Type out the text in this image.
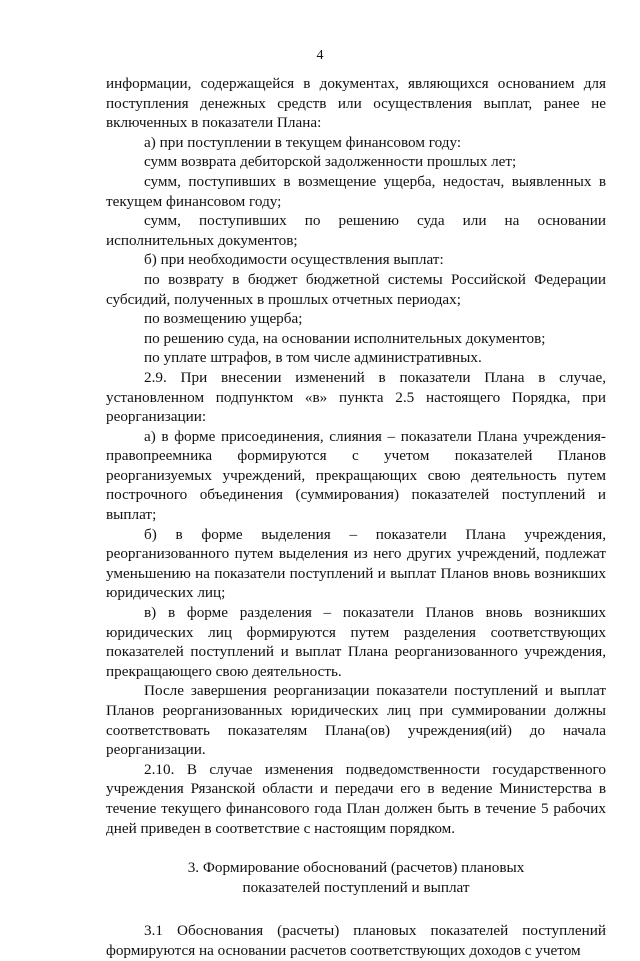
4

информации, содержащейся в документах, являющихся основанием для поступления денежных средств или осуществления выплат, ранее не включенных в показатели Плана:

а) при поступлении в текущем финансовом году:

сумм возврата дебиторской задолженности прошлых лет;

сумм, поступивших в возмещение ущерба, недостач, выявленных в текущем финансовом году;

сумм, поступивших по решению суда или на основании исполнительных документов;

б) при необходимости осуществления выплат:

по возврату в бюджет бюджетной системы Российской Федерации субсидий, полученных в прошлых отчетных периодах;

по возмещению ущерба;

по решению суда, на основании исполнительных документов;

по уплате штрафов, в том числе административных.

2.9. При внесении изменений в показатели Плана в случае, установленном подпунктом «в» пункта 2.5 настоящего Порядка, при реорганизации:

а) в форме присоединения, слияния – показатели Плана учреждения-правопреемника формируются с учетом показателей Планов реорганизуемых учреждений, прекращающих свою деятельность путем построчного объединения (суммирования) показателей поступлений и выплат;

б) в форме выделения – показатели Плана учреждения, реорганизованного путем выделения из него других учреждений, подлежат уменьшению на показатели поступлений и выплат Планов вновь возникших юридических лиц;

в) в форме разделения – показатели Планов вновь возникших юридических лиц формируются путем разделения соответствующих показателей поступлений и выплат Плана реорганизованного учреждения, прекращающего свою деятельность.

После завершения реорганизации показатели поступлений и выплат Планов реорганизованных юридических лиц при суммировании должны соответствовать показателям Плана(ов) учреждения(ий) до начала реорганизации.

2.10. В случае изменения подведомственности государственного учреждения Рязанской области и передачи его в ведение Министерства в течение текущего финансового года План должен быть в течение 5 рабочих дней приведен в соответствие с настоящим порядком.

3. Формирование обоснований (расчетов) плановых
показателей поступлений и выплат

3.1 Обоснования (расчеты) плановых показателей поступлений формируются на основании расчетов соответствующих доходов с учетом
